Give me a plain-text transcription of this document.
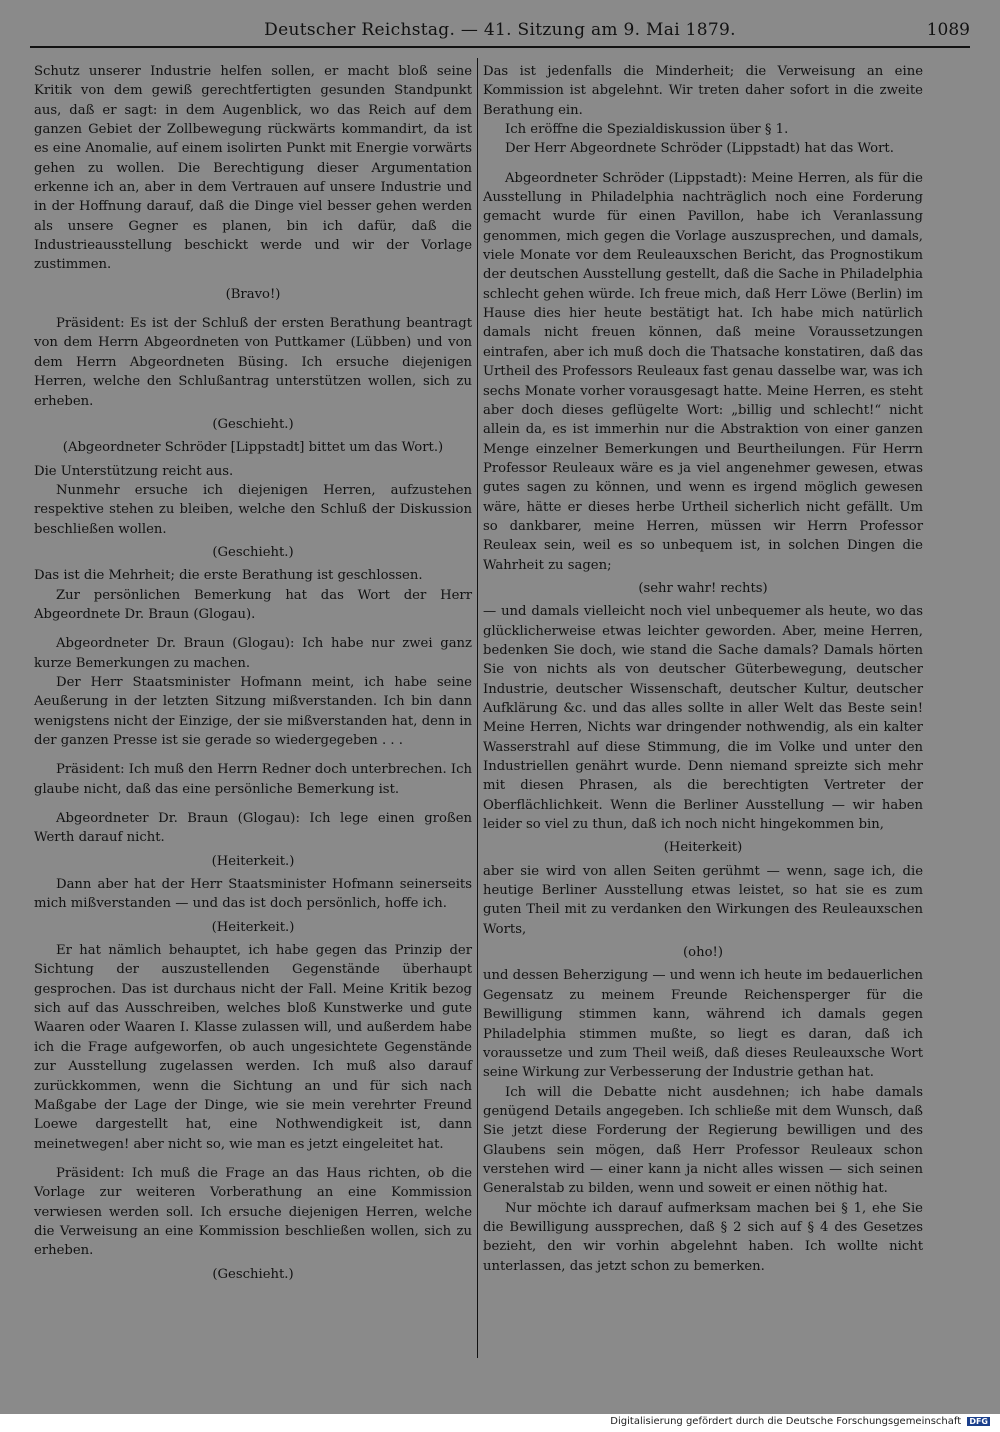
Deutscher Reichstag. — 41. Sitzung am 9. Mai 1879.	1089

Schutz unserer Industrie helfen sollen, er macht bloß seine Kritik von dem gewiß gerechtfertigten gesunden Standpunkt aus, daß er sagt: in dem Augenblick, wo das Reich auf dem ganzen Gebiet der Zollbewegung rückwärts kommandirt, da ist es eine Anomalie, auf einem isolirten Punkt mit Energie vorwärts gehen zu wollen. Die Berechtigung dieser Argumentation erkenne ich an, aber in dem Vertrauen auf unsere Industrie und in der Hoffnung darauf, daß die Dinge viel besser gehen werden als unsere Gegner es planen, bin ich dafür, daß die Industrieausstellung beschickt werde und wir der Vorlage zustimmen.

(Bravo!)

Präsident: Es ist der Schluß der ersten Berathung beantragt von dem Herrn Abgeordneten von Puttkamer (Lübben) und von dem Herrn Abgeordneten Büsing. Ich ersuche diejenigen Herren, welche den Schlußantrag unterstützen wollen, sich zu erheben.

(Geschieht.)

(Abgeordneter Schröder [Lippstadt] bittet um das Wort.)

Die Unterstützung reicht aus.

Nunmehr ersuche ich diejenigen Herren, aufzustehen respektive stehen zu bleiben, welche den Schluß der Diskussion beschließen wollen.

(Geschieht.)

Das ist die Mehrheit; die erste Berathung ist geschlossen.

Zur persönlichen Bemerkung hat das Wort der Herr Abgeordnete Dr. Braun (Glogau).

Abgeordneter Dr. Braun (Glogau): Ich habe nur zwei ganz kurze Bemerkungen zu machen.

Der Herr Staatsminister Hofmann meint, ich habe seine Aeußerung in der letzten Sitzung mißverstanden. Ich bin dann wenigstens nicht der Einzige, der sie mißverstanden hat, denn in der ganzen Presse ist sie gerade so wiedergegeben . . .

Präsident: Ich muß den Herrn Redner doch unterbrechen. Ich glaube nicht, daß das eine persönliche Bemerkung ist.

Abgeordneter Dr. Braun (Glogau): Ich lege einen großen Werth darauf nicht.

(Heiterkeit.)

Dann aber hat der Herr Staatsminister Hofmann seinerseits mich mißverstanden — und das ist doch persönlich, hoffe ich.

(Heiterkeit.)

Er hat nämlich behauptet, ich habe gegen das Prinzip der Sichtung der auszustellenden Gegenstände überhaupt gesprochen. Das ist durchaus nicht der Fall. Meine Kritik bezog sich auf das Ausschreiben, welches bloß Kunstwerke und gute Waaren oder Waaren I. Klasse zulassen will, und außerdem habe ich die Frage aufgeworfen, ob auch ungesichtete Gegenstände zur Ausstellung zugelassen werden. Ich muß also darauf zurückkommen, wenn die Sichtung an und für sich nach Maßgabe der Lage der Dinge, wie sie mein verehrter Freund Loewe dargestellt hat, eine Nothwendigkeit ist, dann meinetwegen! aber nicht so, wie man es jetzt eingeleitet hat.

Präsident: Ich muß die Frage an das Haus richten, ob die Vorlage zur weiteren Vorberathung an eine Kommission verwiesen werden soll. Ich ersuche diejenigen Herren, welche die Verweisung an eine Kommission beschließen wollen, sich zu erheben.

(Geschieht.)

Das ist jedenfalls die Minderheit; die Verweisung an eine Kommission ist abgelehnt. Wir treten daher sofort in die zweite Berathung ein.

Ich eröffne die Spezialdiskussion über § 1.

Der Herr Abgeordnete Schröder (Lippstadt) hat das Wort.

Abgeordneter Schröder (Lippstadt): Meine Herren, als für die Ausstellung in Philadelphia nachträglich noch eine Forderung gemacht wurde für einen Pavillon, habe ich Veranlassung genommen, mich gegen die Vorlage auszusprechen, und damals, viele Monate vor dem Reuleauxschen Bericht, das Prognostikum der deutschen Ausstellung gestellt, daß die Sache in Philadelphia schlecht gehen würde. Ich freue mich, daß Herr Löwe (Berlin) im Hause dies hier heute bestätigt hat. Ich habe mich natürlich damals nicht freuen können, daß meine Voraussetzungen eintrafen, aber ich muß doch die Thatsache konstatiren, daß das Urtheil des Professors Reuleaux fast genau dasselbe war, was ich sechs Monate vorher vorausgesagt hatte. Meine Herren, es steht aber doch dieses geflügelte Wort: „billig und schlecht!“ nicht allein da, es ist immerhin nur die Abstraktion von einer ganzen Menge einzelner Bemerkungen und Beurtheilungen. Für Herrn Professor Reuleaux wäre es ja viel angenehmer gewesen, etwas gutes sagen zu können, und wenn es irgend möglich gewesen wäre, hätte er dieses herbe Urtheil sicherlich nicht gefällt. Um so dankbarer, meine Herren, müssen wir Herrn Professor Reuleax sein, weil es so unbequem ist, in solchen Dingen die Wahrheit zu sagen;

(sehr wahr! rechts)

— und damals vielleicht noch viel unbequemer als heute, wo das glücklicherweise etwas leichter geworden. Aber, meine Herren, bedenken Sie doch, wie stand die Sache damals? Damals hörten Sie von nichts als von deutscher Güterbewegung, deutscher Industrie, deutscher Wissenschaft, deutscher Kultur, deutscher Aufklärung &c. und das alles sollte in aller Welt das Beste sein! Meine Herren, Nichts war dringender nothwendig, als ein kalter Wasserstrahl auf diese Stimmung, die im Volke und unter den Industriellen genährt wurde. Denn niemand spreizte sich mehr mit diesen Phrasen, als die berechtigten Vertreter der Oberflächlichkeit. Wenn die Berliner Ausstellung — wir haben leider so viel zu thun, daß ich noch nicht hingekommen bin,

(Heiterkeit)

aber sie wird von allen Seiten gerühmt — wenn, sage ich, die heutige Berliner Ausstellung etwas leistet, so hat sie es zum guten Theil mit zu verdanken den Wirkungen des Reuleauxschen Worts,

(oho!)

und dessen Beherzigung — und wenn ich heute im bedauerlichen Gegensatz zu meinem Freunde Reichensperger für die Bewilligung stimmen kann, während ich damals gegen Philadelphia stimmen mußte, so liegt es daran, daß ich voraussetze und zum Theil weiß, daß dieses Reuleauxsche Wort seine Wirkung zur Verbesserung der Industrie gethan hat.

Ich will die Debatte nicht ausdehnen; ich habe damals genügend Details angegeben. Ich schließe mit dem Wunsch, daß Sie jetzt diese Forderung der Regierung bewilligen und des Glaubens sein mögen, daß Herr Professor Reuleaux schon verstehen wird — einer kann ja nicht alles wissen — sich seinen Generalstab zu bilden, wenn und soweit er einen nöthig hat.

Nur möchte ich darauf aufmerksam machen bei § 1, ehe Sie die Bewilligung aussprechen, daß § 2 sich auf § 4 des Gesetzes bezieht, den wir vorhin abgelehnt haben. Ich wollte nicht unterlassen, das jetzt schon zu bemerken.

Digitalisierung gefördert durch die Deutsche Forschungsgemeinschaft DFG
